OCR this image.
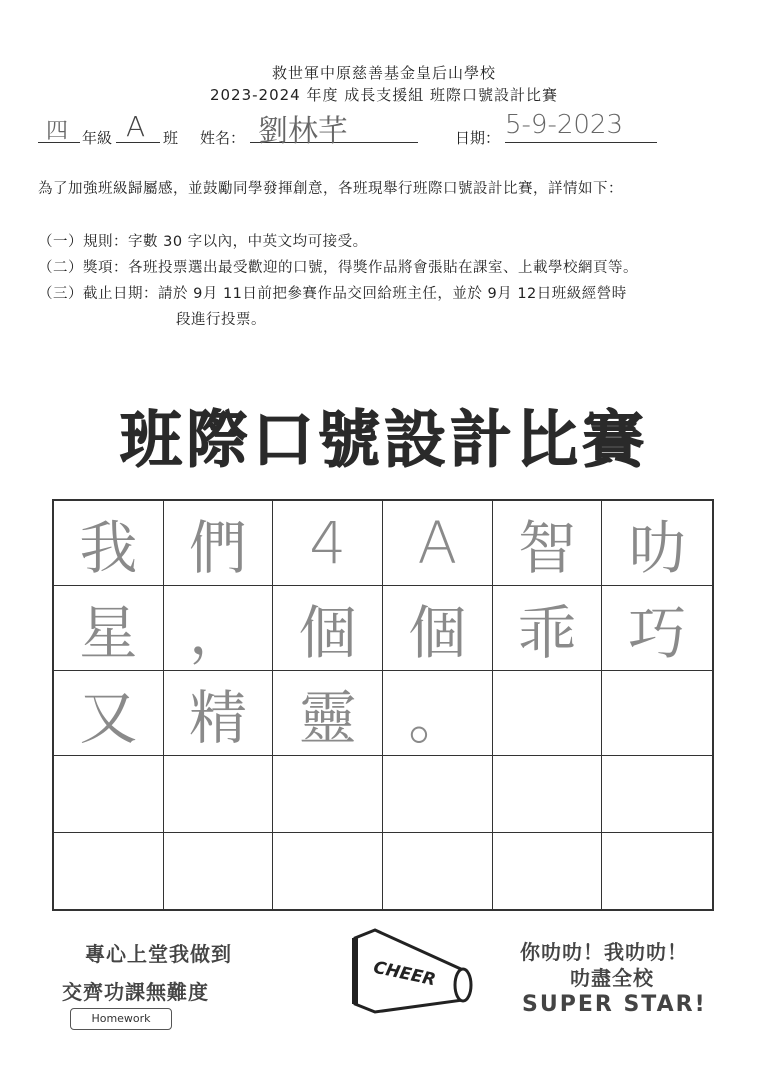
救世軍中原慈善基金皇后山學校
2023-2024 年度 成長支援組 班際口號設計比賽
四 年級 A 班 姓名： 劉林芊	日期： 5-9-2023
為了加強班級歸屬感，並鼓勵同學發揮創意，各班現舉行班際口號設計比賽，詳情如下：
（一）規則：字數 30 字以內，中英文均可接受。
（二）獎項：各班投票選出最受歡迎的口號，得獎作品將會張貼在課室、上載學校網頁等。
（三）截止日期：請於 9月 11日前把參賽作品交回給班主任，並於 9月 12日班級經營時
段進行投票。
班際口號設計比賽
我 們	4	A	智 叻
星 ， 個 個 乖 巧
又 精 靈 。
專心上堂我做到
交齊功課無難度
Homework
CHEER
你叻叻！我叻叻！
叻盡全校
SUPER STAR!
